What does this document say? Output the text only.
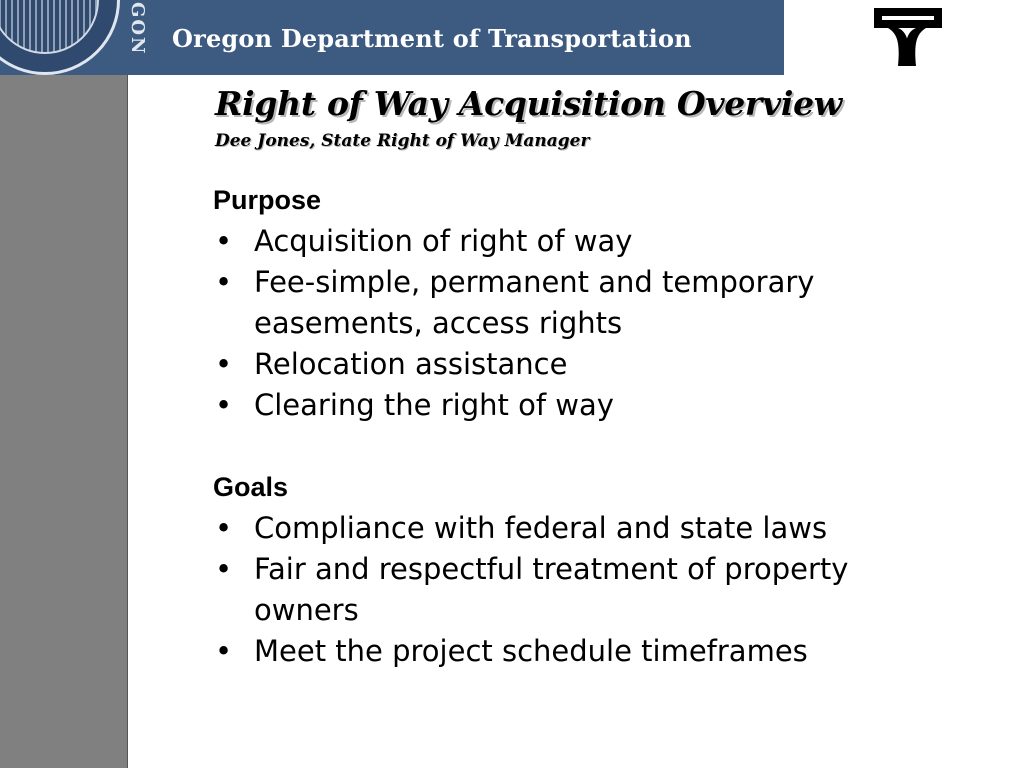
GON Oregon Department of Transportation
Right of Way Acquisition Overview
Dee Jones, State Right of Way Manager
Purpose
• Acquisition of right of way
• Fee-simple, permanent and temporary easements, access rights
• Relocation assistance
• Clearing the right of way
Goals
• Compliance with federal and state laws
• Fair and respectful treatment of property owners
• Meet the project schedule timeframes
